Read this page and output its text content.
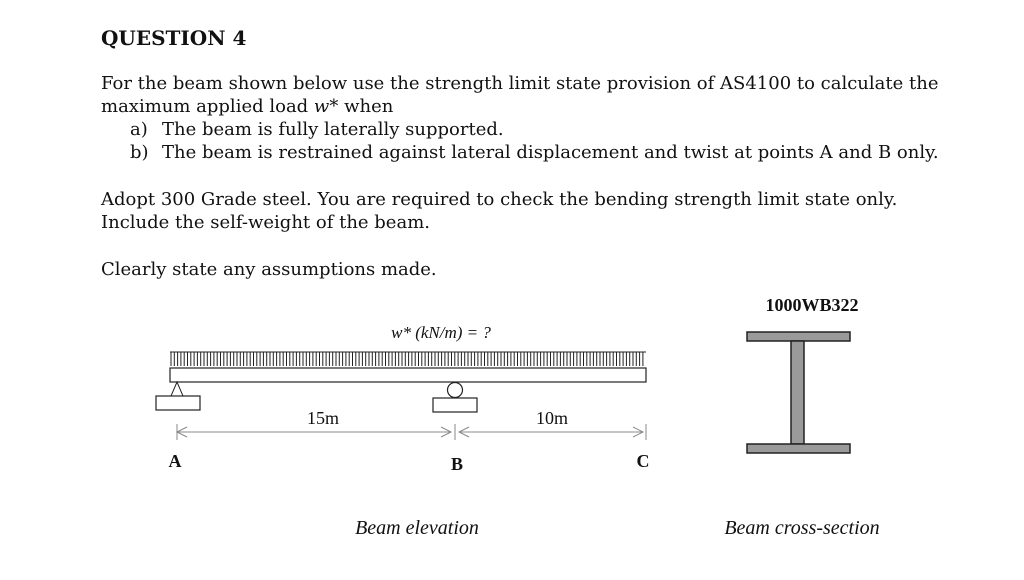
QUESTION 4
For the beam shown below use the strength limit state provision of AS4100 to calculate the
maximum applied load w* when
a) The beam is fully laterally supported.
b) The beam is restrained against lateral displacement and twist at points A and B only.
Adopt 300 Grade steel. You are required to check the bending strength limit state only.
Include the self-weight of the beam.
Clearly state any assumptions made.
w* (kN/m) = ?
15m	10m
A	B	C
Beam elevation
1000WB322
Beam cross-section
